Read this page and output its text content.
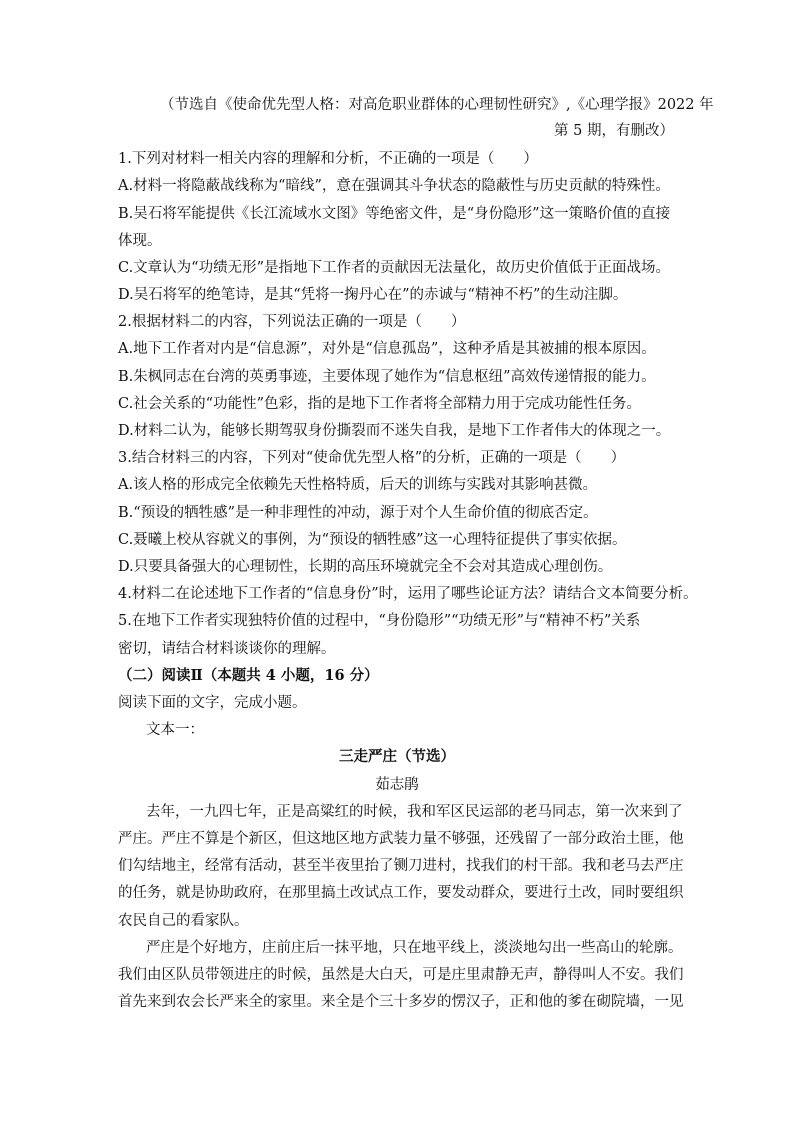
（节选自《使命优先型人格：对高危职业群体的心理韧性研究》,《心理学报》2022 年
第 5 期，有删改）
1.下列对材料一相关内容的理解和分析，不正确的一项是（　　）
A.材料一将隐蔽战线称为“暗线”，意在强调其斗争状态的隐蔽性与历史贡献的特殊性。
B.吴石将军能提供《长江流域水文图》等绝密文件，是“身份隐形”这一策略价值的直接
体现。
C.文章认为“功绩无形”是指地下工作者的贡献因无法量化，故历史价值低于正面战场。
D.吴石将军的绝笔诗，是其“凭将一掬丹心在”的赤诚与“精神不朽”的生动注脚。
2.根据材料二的内容，下列说法正确的一项是（　　）
A.地下工作者对内是“信息源”，对外是“信息孤岛”，这种矛盾是其被捕的根本原因。
B.朱枫同志在台湾的英勇事迹，主要体现了她作为“信息枢纽”高效传递情报的能力。
C.社会关系的“功能性”色彩，指的是地下工作者将全部精力用于完成功能性任务。
D.材料二认为，能够长期驾驭身份撕裂而不迷失自我，是地下工作者伟大的体现之一。
3.结合材料三的内容，下列对“使命优先型人格”的分析，正确的一项是（　　）
A.该人格的形成完全依赖先天性格特质，后天的训练与实践对其影响甚微。
B.“预设的牺牲感”是一种非理性的冲动，源于对个人生命价值的彻底否定。
C.聂曦上校从容就义的事例，为“预设的牺牲感”这一心理特征提供了事实依据。
D.只要具备强大的心理韧性，长期的高压环境就完全不会对其造成心理创伤。
4.材料二在论述地下工作者的“信息身份”时，运用了哪些论证方法？请结合文本简要分析。
5.在地下工作者实现独特价值的过程中，“身份隐形”“功绩无形”与“精神不朽”关系
密切，请结合材料谈谈你的理解。
（二）阅读Ⅱ（本题共 4 小题，16 分）
阅读下面的文字，完成小题。
文本一：
三走严庄（节选）
茹志鹃
去年，一九四七年，正是高粱红的时候，我和军区民运部的老马同志，第一次来到了
严庄。严庄不算是个新区，但这地区地方武装力量不够强，还残留了一部分政治土匪，他
们勾结地主，经常有活动，甚至半夜里抬了铡刀进村，找我们的村干部。我和老马去严庄
的任务，就是协助政府，在那里搞土改试点工作，要发动群众，要进行土改，同时要组织
农民自己的看家队。
严庄是个好地方，庄前庄后一抹平地，只在地平线上，淡淡地勾出一些高山的轮廓。
我们由区队员带领进庄的时候，虽然是大白天，可是庄里肃静无声，静得叫人不安。我们
首先来到农会长严来全的家里。来全是个三十多岁的愣汉子，正和他的爹在砌院墙，一见
